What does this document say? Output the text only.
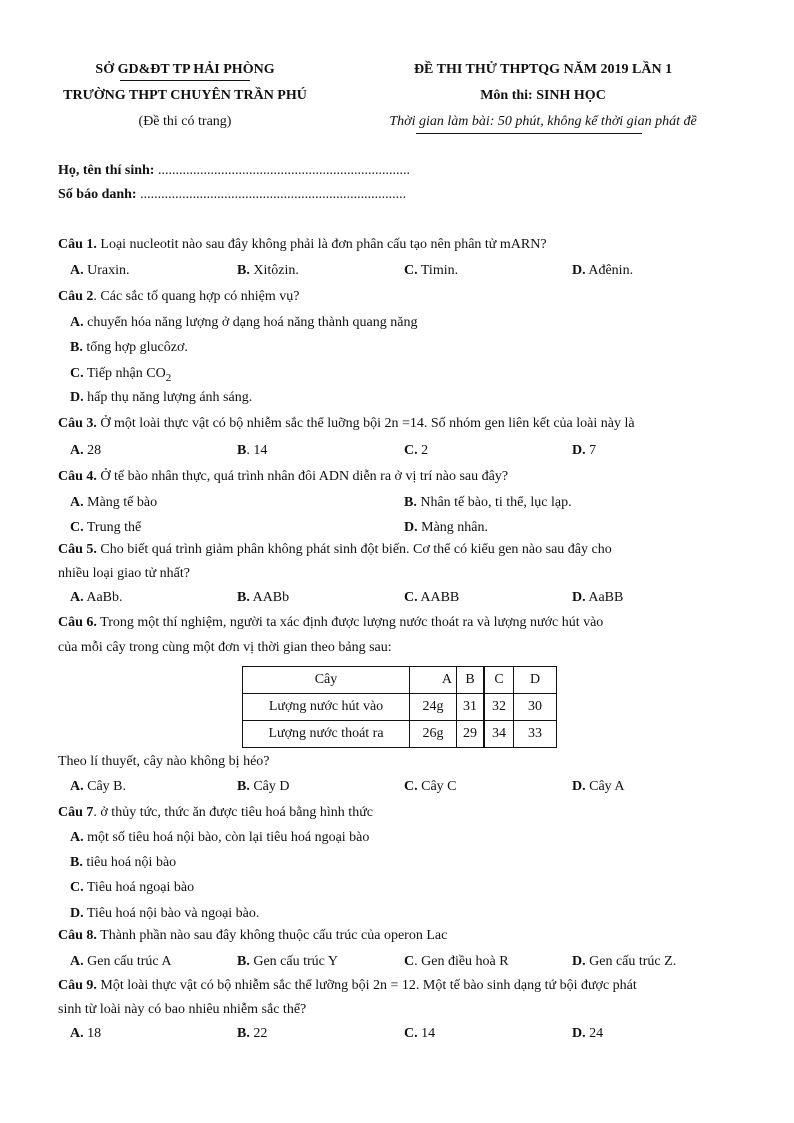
SỞ GD&ĐT TP HẢI PHÒNG
TRƯỜNG THPT CHUYÊN TRẦN PHÚ
(Đề thi có trang)
ĐỀ THI THỬ THPTQG NĂM 2019 LẦN 1
Môn thi: SINH HỌC
Thời gian làm bài: 50 phút, không kể thời gian phát đề
Họ, tên thí sinh: ........................................................................
Số báo danh: ............................................................................
Câu 1. Loại nucleotit nào sau đây không phải là đơn phân cấu tạo nên phân tử mARN?
A. Uraxin.	B. Xitôzin.	C. Timin.	D. Ađênin.
Câu 2. Các sắc tố quang hợp có nhiệm vụ?
A. chuyển hóa năng lượng ở dạng hoá năng thành quang năng
B. tổng hợp glucôzơ.
C. Tiếp nhận $CO_2$
D. hấp thụ năng lượng ánh sáng.
Câu 3. Ở một loài thực vật có bộ nhiễm sắc thể luỡng bội 2n =14. Số nhóm gen liên kết của loài này là
A. 28	B. 14	C. 2	D. 7
Câu 4. Ở tế bào nhân thực, quá trình nhân đôi ADN diễn ra ở vị trí nào sau đây?
A. Màng tế bào	B. Nhân tế bào, ti thể, lục lạp.
C. Trung thể	D. Màng nhân.
Câu 5. Cho biết quá trình giảm phân không phát sinh đột biến. Cơ thể có kiểu gen nào sau đây cho
nhiều loại giao tử nhất?
A. AaBb.	B. AABb	C. AABB	D. AaBB
Câu 6. Trong một thí nghiệm, người ta xác định được lượng nước thoát ra và lượng nước hút vào
của mỗi cây trong cùng một đơn vị thời gian theo bảng sau:
Cây	A	B	C	D
Lượng nước hút vào	24g	31	32	30
Lượng nước thoát ra	26g	29	34	33
Theo lí thuyết, cây nào không bị héo?
A. Cây B.	B. Cây D	C. Cây C	D. Cây A
Câu 7. ở thủy tức, thức ăn được tiêu hoá bằng hình thức
A. một số tiêu hoá nội bào, còn lại tiêu hoá ngoại bào
B. tiêu hoá nội bào
C. Tiêu hoá ngoại bào
D. Tiêu hoá nội bào và ngoại bào.
Câu 8. Thành phần nào sau đây không thuộc cấu trúc của operon Lac
A. Gen cấu trúc A	B. Gen cấu trúc Y	C. Gen điều hoà R	D. Gen cấu trúc Z.
Câu 9. Một loài thực vật có bộ nhiễm sắc thể lưỡng bội 2n = 12. Một tế bào sinh dạng tứ bội được phát
sinh từ loài này có bao nhiêu nhiễm sắc thể?
A. 18	B. 22	C. 14	D. 24
